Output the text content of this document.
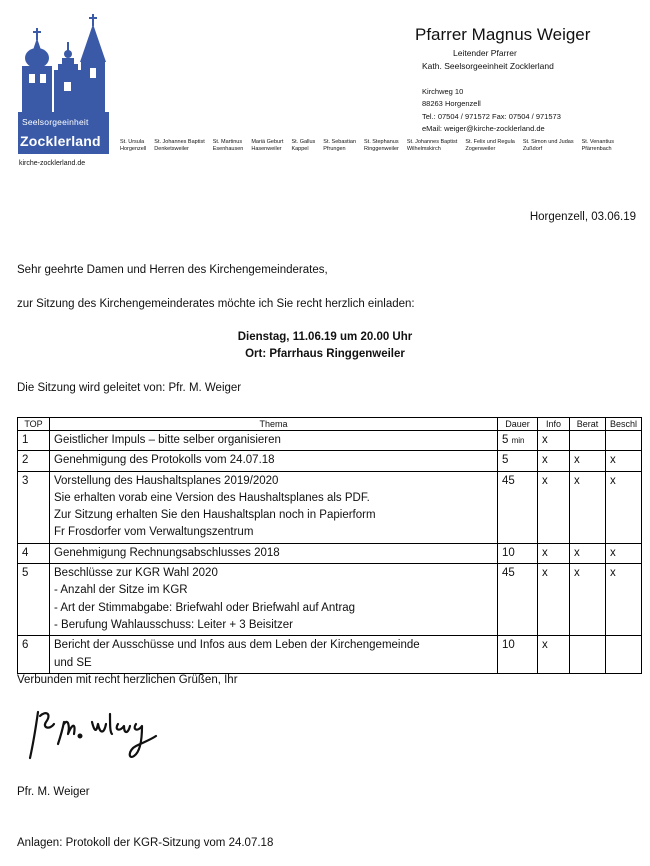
Seelsorgeeinheit
Zocklerland
kirche-zocklerland.de
St. Ursula
Horgenzell
St. Johannes Baptist
Denketsweiler
St. Martinus
Esenhausen
Mariä Geburt
Hasenweiler
St. Gallus
Kappel
St. Sebastian
Pfrungen
St. Stephanus
Ringgenweiler
St. Johannes Baptist
Wilhelmskirch
St. Felix und Regula
Zogenweiler
St. Simon und Judas
Zußdorf
St. Venantius
Pfärrenbach
Pfarrer Magnus Weiger
Leitender Pfarrer
Kath. Seelsorgeeinheit Zocklerland
Kirchweg 10
88263 Horgenzell
Tel.: 07504 / 971572 Fax: 07504 / 971573
eMail: weiger@kirche-zocklerland.de
Horgenzell, 03.06.19
Sehr geehrte Damen und Herren des Kirchengemeinderates,
zur Sitzung des Kirchengemeinderates möchte ich Sie recht herzlich einladen:
Dienstag, 11.06.19 um 20.00 Uhr
Ort: Pfarrhaus Ringgenweiler
Die Sitzung wird geleitet von: Pfr. M. Weiger
TOP	Thema	Dauer	Info	Berat	Beschl
1	Geistlicher Impuls – bitte selber organisieren	5 min	x		
2	Genehmigung des Protokolls vom 24.07.18	5	x	x	x
3	Vorstellung des Haushaltsplanes 2019/2020
Sie erhalten vorab eine Version des Haushaltsplanes als PDF.
Zur Sitzung erhalten Sie den Haushaltsplan noch in Papierform
Fr Frosdorfer vom Verwaltungszentrum	45	x	x	x
4	Genehmigung Rechnungsabschlusses 2018	10	x	x	x
5	Beschlüsse zur KGR Wahl 2020
- Anzahl der Sitze im KGR
- Art der Stimmabgabe: Briefwahl oder Briefwahl auf Antrag
- Berufung Wahlausschuss: Leiter + 3 Beisitzer	45	x	x	x
6	Bericht der Ausschüsse und Infos aus dem Leben der Kirchengemeinde
und SE	10	x		
Verbunden mit recht herzlichen Grüßen, Ihr
Pfr. M. Weiger
Anlagen: Protokoll der KGR-Sitzung vom 24.07.18
